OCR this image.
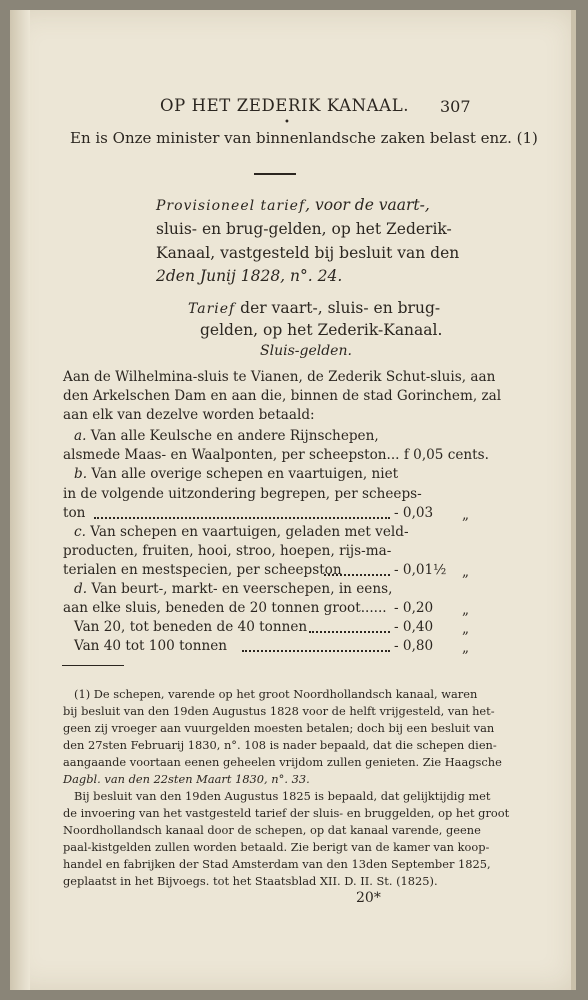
OP HET ZEDERIK KANAAL. 307

•

En is Onze minister van binnenlandsche zaken belast enz. (1)

Provisioneel tarief, voor de vaart-,

sluis- en brug-gelden, op het Zederik-

Kanaal, vastgesteld bij besluit van den

2den Junij 1828, n°. 24.

Tarief der vaart-, sluis- en brug-

gelden, op het Zederik-Kanaal.

Sluis-gelden.

Aan de Wilhelmina-sluis te Vianen, de Zederik Schut-sluis, aan

den Arkelschen Dam en aan die, binnen de stad Gorinchem, zal

aan elk van dezelve worden betaald:

a. Van alle Keulsche en andere Rijnschepen,

alsmede Maas- en Waalponten, per scheepston... f 0,05 cents.

b. Van alle overige schepen en vaartuigen, niet

in de volgende uitzondering begrepen, per scheeps-

ton	- 0,03 „

c. Van schepen en vaartuigen, geladen met veld-

producten, fruiten, hooi, stroo, hoepen, rijs-ma-

terialen en mestspecien, per scheepston	- 0,01½ „

d. Van beurt-, markt- en veerschepen, in eens,

aan elke sluis, beneden de 20 tonnen groot...... - 0,20 „

Van 20, tot beneden de 40 tonnen	- 0,40 „

Van 40 tot 100 tonnen	- 0,80 „

(1) De schepen, varende op het groot Noordhollandsch kanaal, waren

bij besluit van den 19den Augustus 1828 voor de helft vrijgesteld, van het-

geen zij vroeger aan vuurgelden moesten betalen; doch bij een besluit van

den 27sten Februarij 1830, n°. 108 is nader bepaald, dat die schepen dien-

aangaande voortaan eenen geheelen vrijdom zullen genieten. Zie Haagsche

Dagbl. van den 22sten Maart 1830, n°. 33.

Bij besluit van den 19den Augustus 1825 is bepaald, dat gelijktijdig met

de invoering van het vastgesteld tarief der sluis- en bruggelden, op het groot

Noordhollandsch kanaal door de schepen, op dat kanaal varende, geene

paal-kistgelden zullen worden betaald. Zie berigt van de kamer van koop-

handel en fabrijken der Stad Amsterdam van den 13den September 1825,

geplaatst in het Bijvoegs. tot het Staatsblad XII. D. II. St. (1825).

20*
